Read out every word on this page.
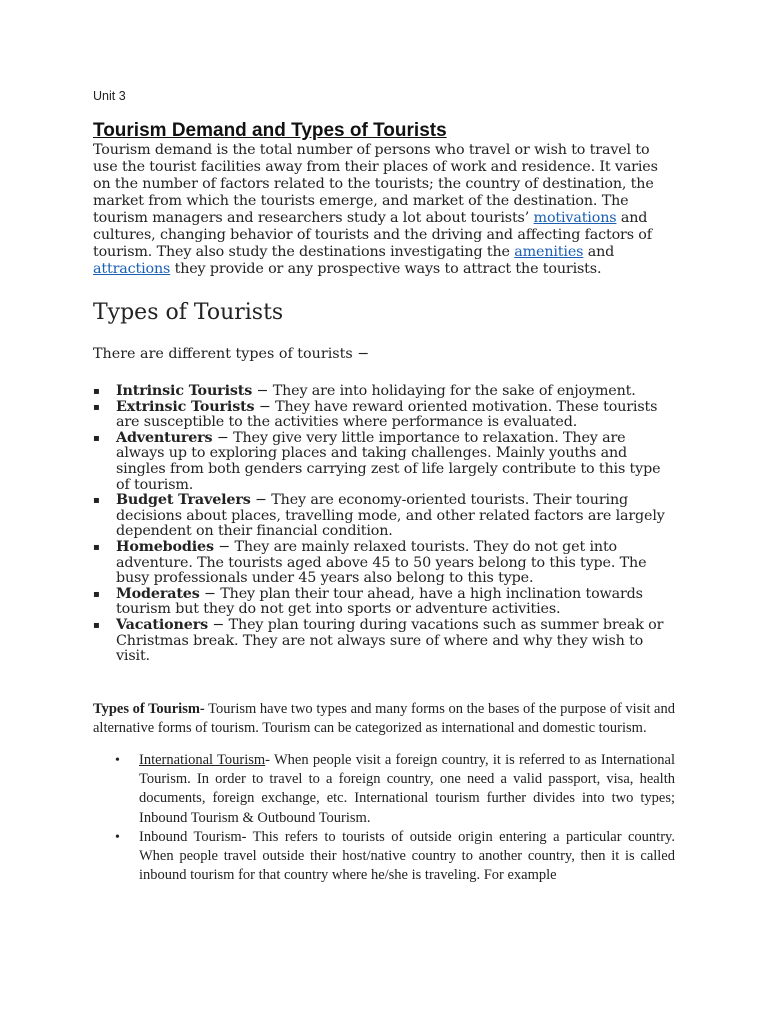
Unit 3

Tourism Demand and Types of Tourists

Tourism demand is the total number of persons who travel or wish to travel to use the tourist facilities away from their places of work and residence. It varies on the number of factors related to the tourists; the country of destination, the market from which the tourists emerge, and market of the destination. The tourism managers and researchers study a lot about tourists’ motivations and cultures, changing behavior of tourists and the driving and affecting factors of tourism. They also study the destinations investigating the amenities and attractions they provide or any prospective ways to attract the tourists.

Types of Tourists

There are different types of tourists −

▪ Intrinsic Tourists − They are into holidaying for the sake of enjoyment.
▪ Extrinsic Tourists − They have reward oriented motivation. These tourists are susceptible to the activities where performance is evaluated.
▪ Adventurers − They give very little importance to relaxation. They are always up to exploring places and taking challenges. Mainly youths and singles from both genders carrying zest of life largely contribute to this type of tourism.
▪ Budget Travelers − They are economy-oriented tourists. Their touring decisions about places, travelling mode, and other related factors are largely dependent on their financial condition.
▪ Homebodies − They are mainly relaxed tourists. They do not get into adventure. The tourists aged above 45 to 50 years belong to this type. The busy professionals under 45 years also belong to this type.
▪ Moderates − They plan their tour ahead, have a high inclination towards tourism but they do not get into sports or adventure activities.
▪ Vacationers − They plan touring during vacations such as summer break or Christmas break. They are not always sure of where and why they wish to visit.

Types of Tourism- Tourism have two types and many forms on the bases of the purpose of visit and alternative forms of tourism. Tourism can be categorized as international and domestic tourism.

• International Tourism- When people visit a foreign country, it is referred to as International Tourism. In order to travel to a foreign country, one need a valid passport, visa, health documents, foreign exchange, etc. International tourism further divides into two types; Inbound Tourism & Outbound Tourism.
• Inbound Tourism- This refers to tourists of outside origin entering a particular country. When people travel outside their host/native country to another country, then it is called inbound tourism for that country where he/she is traveling. For example
